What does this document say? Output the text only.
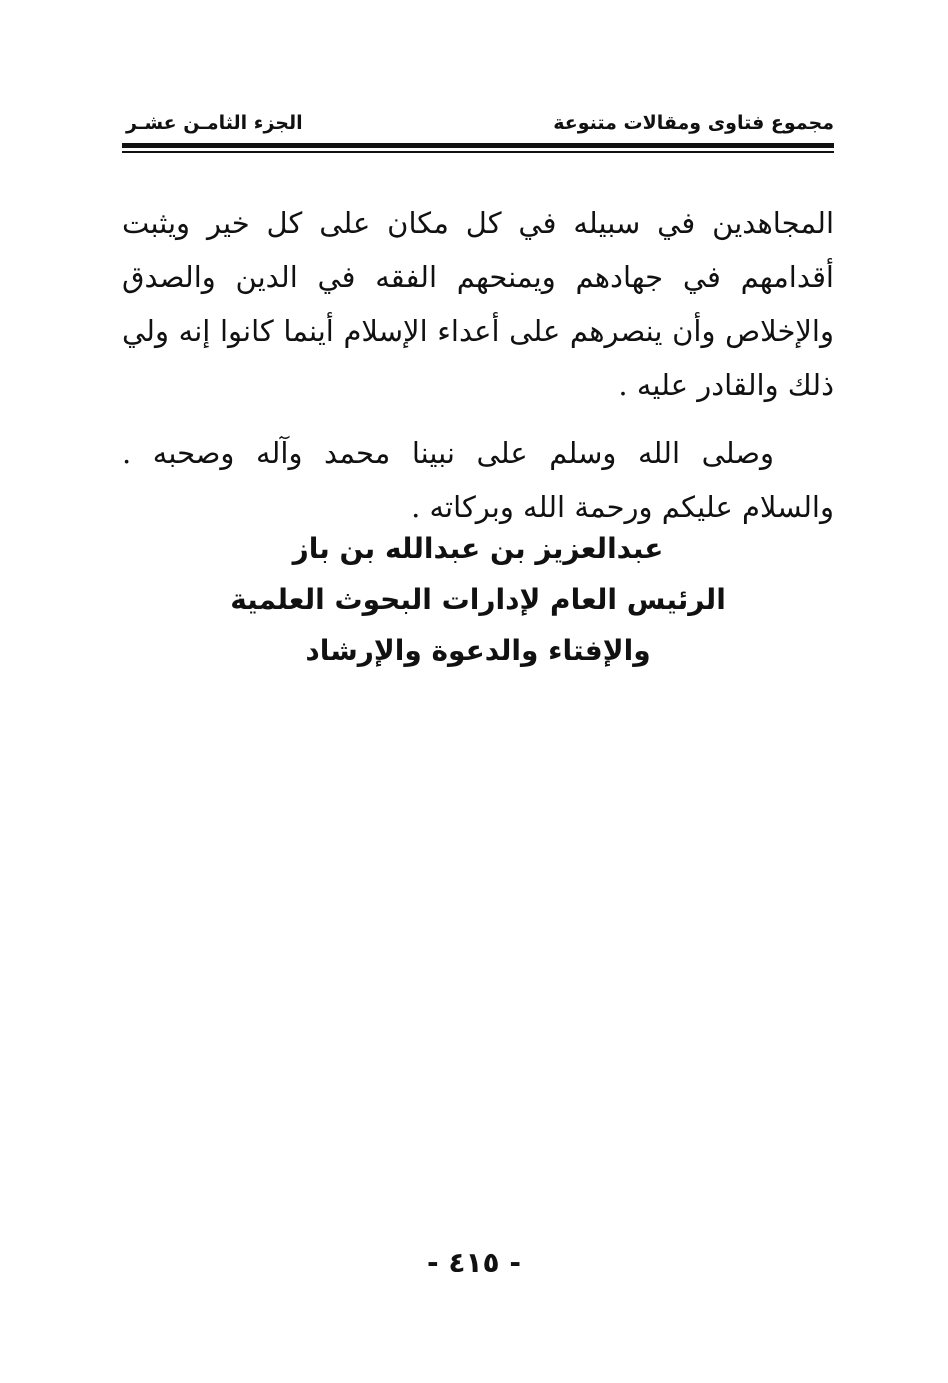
مجموع فتاوى ومقالات متنوعة
الجزء الثامـن عشـر

المجاهدين في سبيله في كل مكان على كل خير ويثبت أقدامهم في جهادهم ويمنحهم الفقه في الدين والصدق والإخلاص وأن ينصرهم على أعداء الإسلام أينما كانوا إنه ولي ذلك والقادر عليه .

وصلى الله وسلم على نبينا محمد وآله وصحبه . والسلام عليكم ورحمة الله وبركاته .

عبدالعزيز بن عبدالله بن باز
الرئيس العام لإدارات البحوث العلمية
والإفتاء والدعوة والإرشاد
- ٤١٥ -
